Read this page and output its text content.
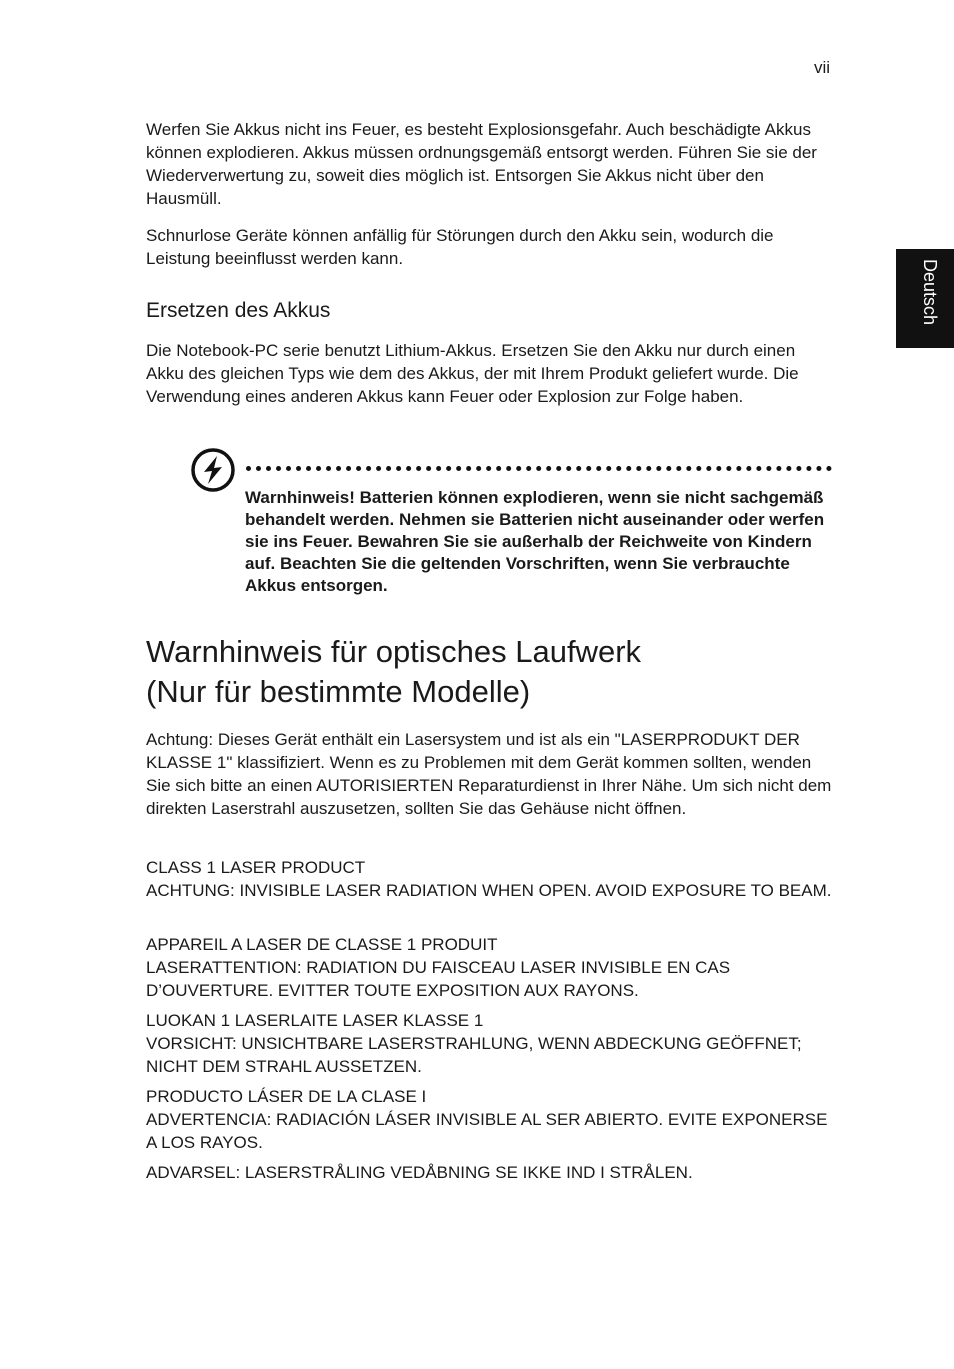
vii
Deutsch

Werfen Sie Akkus nicht ins Feuer, es besteht Explosionsgefahr. Auch beschädigte Akkus können explodieren. Akkus müssen ordnungsgemäß entsorgt werden. Führen Sie sie der Wiederverwertung zu, soweit dies möglich ist. Entsorgen Sie Akkus nicht über den Hausmüll.

Schnurlose Geräte können anfällig für Störungen durch den Akku sein, wodurch die Leistung beeinflusst werden kann.

Ersetzen des Akkus

Die Notebook-PC serie benutzt Lithium-Akkus. Ersetzen Sie den Akku nur durch einen Akku des gleichen Typs wie dem des Akkus, der mit Ihrem Produkt geliefert wurde. Die Verwendung eines anderen Akkus kann Feuer oder Explosion zur Folge haben.

Warnhinweis! Batterien können explodieren, wenn sie nicht sachgemäß behandelt werden. Nehmen sie Batterien nicht auseinander oder werfen sie ins Feuer. Bewahren Sie sie außerhalb der Reichweite von Kindern auf. Beachten Sie die geltenden Vorschriften, wenn Sie verbrauchte Akkus entsorgen.

Warnhinweis für optisches Laufwerk
(Nur für bestimmte Modelle)

Achtung: Dieses Gerät enthält ein Lasersystem und ist als ein "LASERPRODUKT DER KLASSE 1" klassifiziert. Wenn es zu Problemen mit dem Gerät kommen sollten, wenden Sie sich bitte an einen AUTORISIERTEN Reparaturdienst in Ihrer Nähe. Um sich nicht dem direkten Laserstrahl auszusetzen, sollten Sie das Gehäuse nicht öffnen.

CLASS 1 LASER PRODUCT
ACHTUNG: INVISIBLE LASER RADIATION WHEN OPEN. AVOID EXPOSURE TO BEAM.

APPAREIL A LASER DE CLASSE 1 PRODUIT
LASERATTENTION: RADIATION DU FAISCEAU LASER INVISIBLE EN CAS D’OUVERTURE. EVITTER TOUTE EXPOSITION AUX RAYONS.

LUOKAN 1 LASERLAITE LASER KLASSE 1
VORSICHT: UNSICHTBARE LASERSTRAHLUNG, WENN ABDECKUNG GEÖFFNET; NICHT DEM STRAHL AUSSETZEN.

PRODUCTO LÁSER DE LA CLASE I
ADVERTENCIA: RADIACIÓN LÁSER INVISIBLE AL SER ABIERTO. EVITE EXPONERSE A LOS RAYOS.

ADVARSEL: LASERSTRÅLING VEDÅBNING SE IKKE IND I STRÅLEN.
